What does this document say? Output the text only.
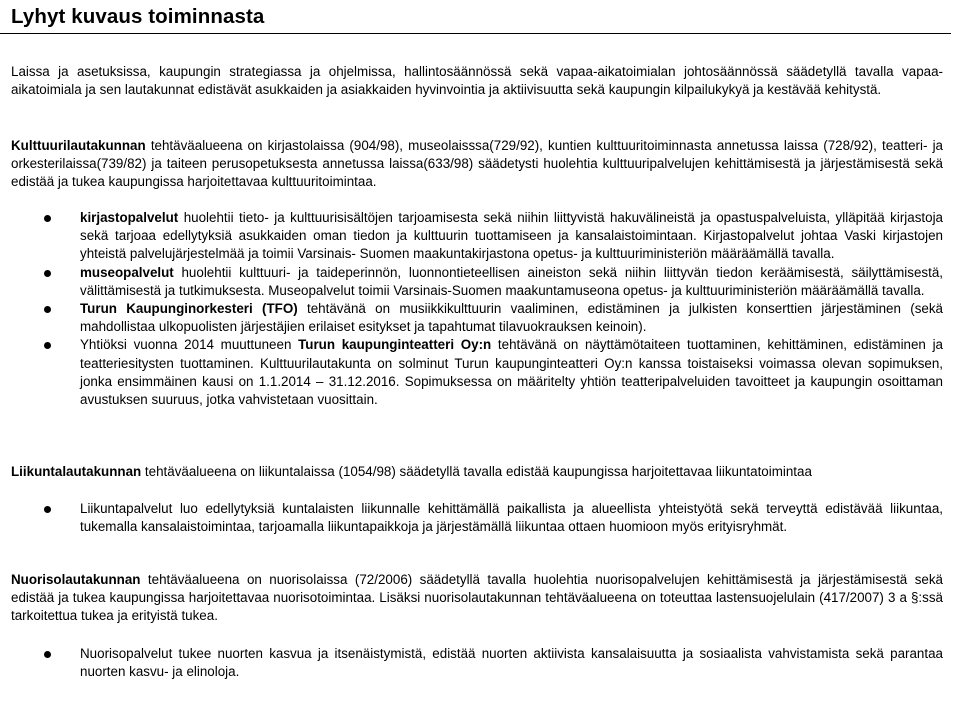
Lyhyt kuvaus toiminnasta
Laissa ja asetuksissa, kaupungin strategiassa ja ohjelmissa, hallintosäännössä sekä vapaa-aikatoimialan johtosäännössä säädetyllä tavalla vapaa-aikatoimiala ja sen lautakunnat edistävät asukkaiden ja asiakkaiden hyvinvointia ja aktiivisuutta sekä kaupungin kilpailukykyä ja kestävää kehitystä.
Kulttuurilautakunnan tehtäväalueena on kirjastolaissa (904/98), museolaisssa(729/92), kuntien kulttuuritoiminnasta annetussa laissa (728/92), teatteri- ja orkesterilaissa(739/82) ja taiteen perusopetuksesta annetussa laissa(633/98) säädetysti huolehtia kulttuuripalvelujen kehittämisestä ja järjestämisestä sekä edistää ja tukea kaupungissa harjoitettavaa kulttuuritoimintaa.
kirjastopalvelut huolehtii tieto- ja kulttuurisisältöjen tarjoamisesta sekä niihin liittyvistä hakuvälineistä ja opastuspalveluista, ylläpitää kirjastoja sekä tarjoaa edellytyksiä asukkaiden oman tiedon ja kulttuurin tuottamiseen ja kansalaistoimintaan. Kirjastopalvelut johtaa Vaski kirjastojen yhteistä palvelujärjestelmää ja toimii Varsinais- Suomen maakuntakirjastona opetus- ja kulttuuriministeriön määräämällä tavalla.
museopalvelut huolehtii kulttuuri- ja taideperinnön, luonnontieteellisen aineiston sekä niihin liittyvän tiedon keräämisestä, säilyttämisestä, välittämisestä ja tutkimuksesta. Museopalvelut toimii Varsinais-Suomen maakuntamuseona opetus- ja kulttuuriministeriön määräämällä tavalla.
Turun Kaupunginorkesteri (TFO) tehtävänä on musiikkikulttuurin vaaliminen, edistäminen ja julkisten konserttien järjestäminen (sekä mahdollistaa ulkopuolisten järjestäjien erilaiset esitykset ja tapahtumat tilavuokrauksen keinoin).
Yhtiöksi vuonna 2014 muuttuneen Turun kaupunginteatteri Oy:n tehtävänä on näyttämötaiteen tuottaminen, kehittäminen, edistäminen ja teatteriesitysten tuottaminen. Kulttuurilautakunta on solminut Turun kaupunginteatteri Oy:n kanssa toistaiseksi voimassa olevan sopimuksen, jonka ensimmäinen kausi on 1.1.2014 – 31.12.2016. Sopimuksessa on määritelty yhtiön teatteripalveluiden tavoitteet ja kaupungin osoittaman avustuksen suuruus, jotka vahvistetaan vuosittain.
Liikuntalautakunnan tehtäväalueena on liikuntalaissa (1054/98) säädetyllä tavalla edistää kaupungissa harjoitettavaa liikuntatoimintaa
Liikuntapalvelut luo edellytyksiä kuntalaisten liikunnalle kehittämällä paikallista ja alueellista yhteistyötä sekä terveyttä edistävää liikuntaa, tukemalla kansalaistoimintaa, tarjoamalla liikuntapaikkoja ja järjestämällä liikuntaa ottaen huomioon myös erityisryhmät.
Nuorisolautakunnan tehtäväalueena on nuorisolaissa (72/2006) säädetyllä tavalla huolehtia nuorisopalvelujen kehittämisestä ja järjestämisestä sekä edistää ja tukea kaupungissa harjoitettavaa nuorisotoimintaa. Lisäksi nuorisolautakunnan tehtäväalueena on toteuttaa lastensuojelulain (417/2007) 3 a §:ssä tarkoitettua tukea ja erityistä tukea.
Nuorisopalvelut tukee nuorten kasvua ja itsenäistymistä, edistää nuorten aktiivista kansalaisuutta ja sosiaalista vahvistamista sekä parantaa nuorten kasvu- ja elinoloja.
